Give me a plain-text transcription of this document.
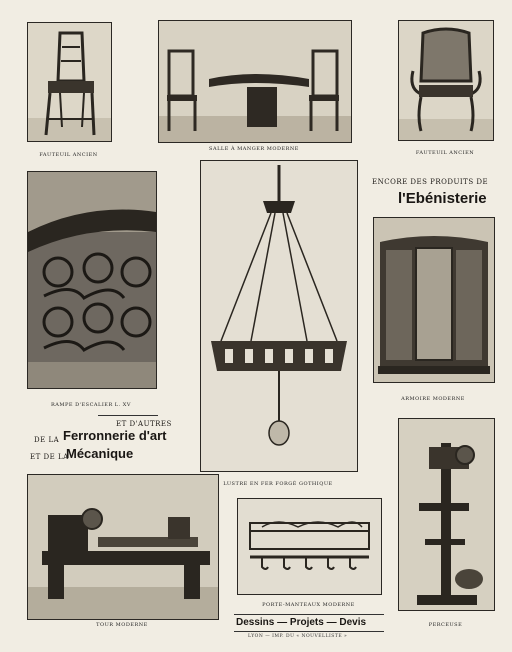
FAUTEUIL ANCIEN
SALLE À MANGER MODERNE
FAUTEUIL ANCIEN
RAMPE D'ESCALIER L. XV
LUSTRE EN FER FORGÉ GOTHIQUE
ENCORE DES PRODUITS DE
l'Ebénisterie
ARMOIRE MODERNE
ET D'AUTRES
DE LA Ferronnerie d'art
ET DE LA
Mécanique
TOUR MODERNE
PORTE-MANTEAUX MODERNE
PERCEUSE
Dessins — Projets — Devis
LYON — IMP. DU « NOUVELLISTE »
